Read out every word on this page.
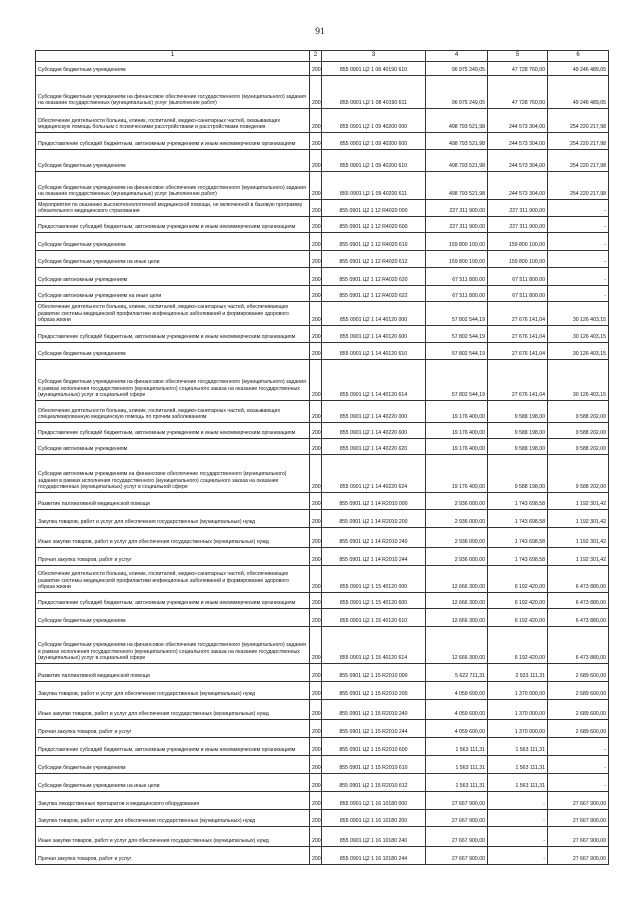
91
1	2	3	4	5	6
Субсидии бюджетным учреждениям	200	855 0901 Ц2 1 08 40190 610	96 975 249,05	47 728 760,00	49 246 489,05
Субсидии бюджетным учреждениям на финансовое обеспечение государственного (муниципального) задания на оказание государственных (муниципальных) услуг (выполнение работ)	200	855 0901 Ц2 1 08 40190 611	96 975 249,05	47 728 760,00	49 246 489,05
Обеспечение деятельности больниц, клиник, госпиталей, медико-санитарных частей, оказывающих медицинскую помощь больным с психическими расстройствами и расстройствами поведения	200	855 0901 Ц2 1 09 40200 000	498 793 521,98	244 573 304,00	254 220 217,98
Предоставление субсидий бюджетным, автономным учреждениям и иным некоммерческим организациям	200	855 0901 Ц2 1 09 40200 600	498 793 521,98	244 573 304,00	254 220 217,98
Субсидии бюджетным учреждениям	200	855 0901 Ц2 1 09 40200 610	498 793 521,98	244 573 304,00	254 220 217,98
Субсидии бюджетным учреждениям на финансовое обеспечение государственного (муниципального) задания на оказание государственных (муниципальных) услуг (выполнение работ)	200	855 0901 Ц2 1 09 40200 611	498 793 521,98	244 573 304,00	254 220 217,98
Мероприятия по оказанию высокотехнологичной медицинской помощи, не включенной в базовую программу обязательного медицинского страхования	200	855 0901 Ц2 1 12 R4020 000	227 311 900,00	227 311 900,00	-
Предоставление субсидий бюджетным, автономным учреждениям и иным некоммерческим организациям	200	855 0901 Ц2 1 12 R4020 600	227 311 900,00	227 311 900,00	-
Субсидии бюджетным учреждениям	200	855 0901 Ц2 1 12 R4020 610	159 800 100,00	159 800 100,00	-
Субсидии бюджетным учреждениям на иные цели	200	855 0901 Ц2 1 12 R4020 612	159 800 100,00	159 800 100,00	-
Субсидии автономным учреждениям	200	855 0901 Ц2 1 12 R4020 620	67 511 800,00	67 511 800,00	-
Субсидии автономным учреждениям на иные цели	200	855 0901 Ц2 1 12 R4020 622	67 511 800,00	67 511 800,00	-
Обеспечение деятельности больниц, клиник, госпиталей, медико-санитарных частей, обеспечивающих развитие системы медицинской профилактики инфекционных заболеваний и формирование здорового образа жизни	200	855 0901 Ц2 1 14 40120 000	57 802 544,19	27 676 141,04	30 126 403,15
Предоставление субсидий бюджетным, автономным учреждениям и иным некоммерческим организациям	200	855 0901 Ц2 1 14 40120 600	57 802 544,19	27 676 141,04	30 126 403,15
Субсидии бюджетным учреждениям	200	855 0901 Ц2 1 14 40120 610	57 802 544,19	27 676 141,04	30 126 403,15
Субсидии бюджетным учреждениям на финансовое обеспечение государственного (муниципального) задания в рамках исполнения государственного (муниципального) социального заказа на оказание государственных (муниципальных) услуг в социальной сфере	200	855 0901 Ц2 1 14 40120 614	57 802 544,19	27 676 141,04	30 126 403,15
Обеспечение деятельности больниц, клиник, госпиталей, медико-санитарных частей, оказывающих специализированную медицинскую помощь по прочим заболеваниям	200	855 0901 Ц2 1 14 40220 000	19 176 400,00	9 588 198,00	9 588 202,00
Предоставление субсидий бюджетным, автономным учреждениям и иным некоммерческим организациям	200	855 0901 Ц2 1 14 40220 600	19 176 400,00	9 588 198,00	9 588 202,00
Субсидии автономным учреждениям	200	855 0901 Ц2 1 14 40220 620	19 176 400,00	9 588 198,00	9 588 202,00
Субсидии автономным учреждениям на финансовое обеспечение государственного (муниципального) задания в рамках исполнения государственного (муниципального) социального заказа на оказание государственных (муниципальных) услуг в социальной сфере	200	855 0901 Ц2 1 14 40220 624	19 176 400,00	9 588 198,00	9 588 202,00
Развитие паллиативной медицинской помощи	200	855 0901 Ц2 1 14 R2010 000	2 936 000,00	1 743 698,58	1 192 301,42
Закупка товаров, работ и услуг для обеспечения государственных (муниципальных) нужд	200	855 0901 Ц2 1 14 R2010 200	2 936 000,00	1 743 698,58	1 192 301,42
Иные закупки товаров, работ и услуг для обеспечения государственных (муниципальных) нужд	200	855 0901 Ц2 1 14 R2010 240	2 936 000,00	1 743 698,58	1 192 301,42
Прочая закупка товаров, работ и услуг	200	855 0901 Ц2 1 14 R2010 244	2 936 000,00	1 743 698,58	1 192 301,42
Обеспечение деятельности больниц, клиник, госпиталей, медико-санитарных частей, обеспечивающих развитие системы медицинской профилактики инфекционных заболеваний и формирование здорового образа жизни	200	855 0901 Ц2 1 15 40120 000	12 666 300,00	6 192 420,00	6 473 880,00
Предоставление субсидий бюджетным, автономным учреждениям и иным некоммерческим организациям	200	855 0901 Ц2 1 15 40120 600	12 666 300,00	6 192 420,00	6 473 880,00
Субсидии бюджетным учреждениям	200	855 0901 Ц2 1 15 40120 610	12 666 300,00	6 192 420,00	6 473 880,00
Субсидии бюджетным учреждениям на финансовое обеспечение государственного (муниципального) задания в рамках исполнения государственного (муниципального) социального заказа на оказание государственных (муниципальных) услуг в социальной сфере	200	855 0901 Ц2 1 15 40120 614	12 666 300,00	6 192 420,00	6 473 880,00
Развитие паллиативной медицинской помощи	200	855 0901 Ц2 1 15 R2010 000	5 622 711,31	2 933 111,31	2 689 600,00
Закупка товаров, работ и услуг для обеспечения государственных (муниципальных) нужд	200	855 0901 Ц2 1 15 R2010 200	4 059 600,00	1 370 000,00	2 689 600,00
Иные закупки товаров, работ и услуг для обеспечения государственных (муниципальных) нужд	200	855 0901 Ц2 1 15 R2010 240	4 059 600,00	1 370 000,00	2 689 600,00
Прочая закупка товаров, работ и услуг	200	855 0901 Ц2 1 15 R2010 244	4 059 600,00	1 370 000,00	2 689 600,00
Предоставление субсидий бюджетным, автономным учреждениям и иным некоммерческим организациям	200	855 0901 Ц2 1 15 R2010 600	1 563 111,31	1 563 111,31	-
Субсидии бюджетным учреждениям	200	855 0901 Ц2 1 15 R2010 610	1 563 111,31	1 563 111,31	-
Субсидии бюджетным учреждениям на иные цели	200	855 0901 Ц2 1 15 R2010 612	1 563 111,31	1 563 111,31	-
Закупка лекарственных препаратов и медицинского оборудования	200	855 0901 Ц2 1 16 10180 000	27 667 900,00	-	27 667 900,00
Закупка товаров, работ и услуг для обеспечения государственных (муниципальных) нужд	200	855 0901 Ц2 1 16 10180 200	27 667 900,00	-	27 667 900,00
Иные закупки товаров, работ и услуг для обеспечения государственных (муниципальных) нужд	200	855 0901 Ц2 1 16 10180 240	27 667 900,00	-	27 667 900,00
Прочая закупка товаров, работ и услуг	200	855 0901 Ц2 1 16 10180 244	27 667 900,00	-	27 667 900,00
